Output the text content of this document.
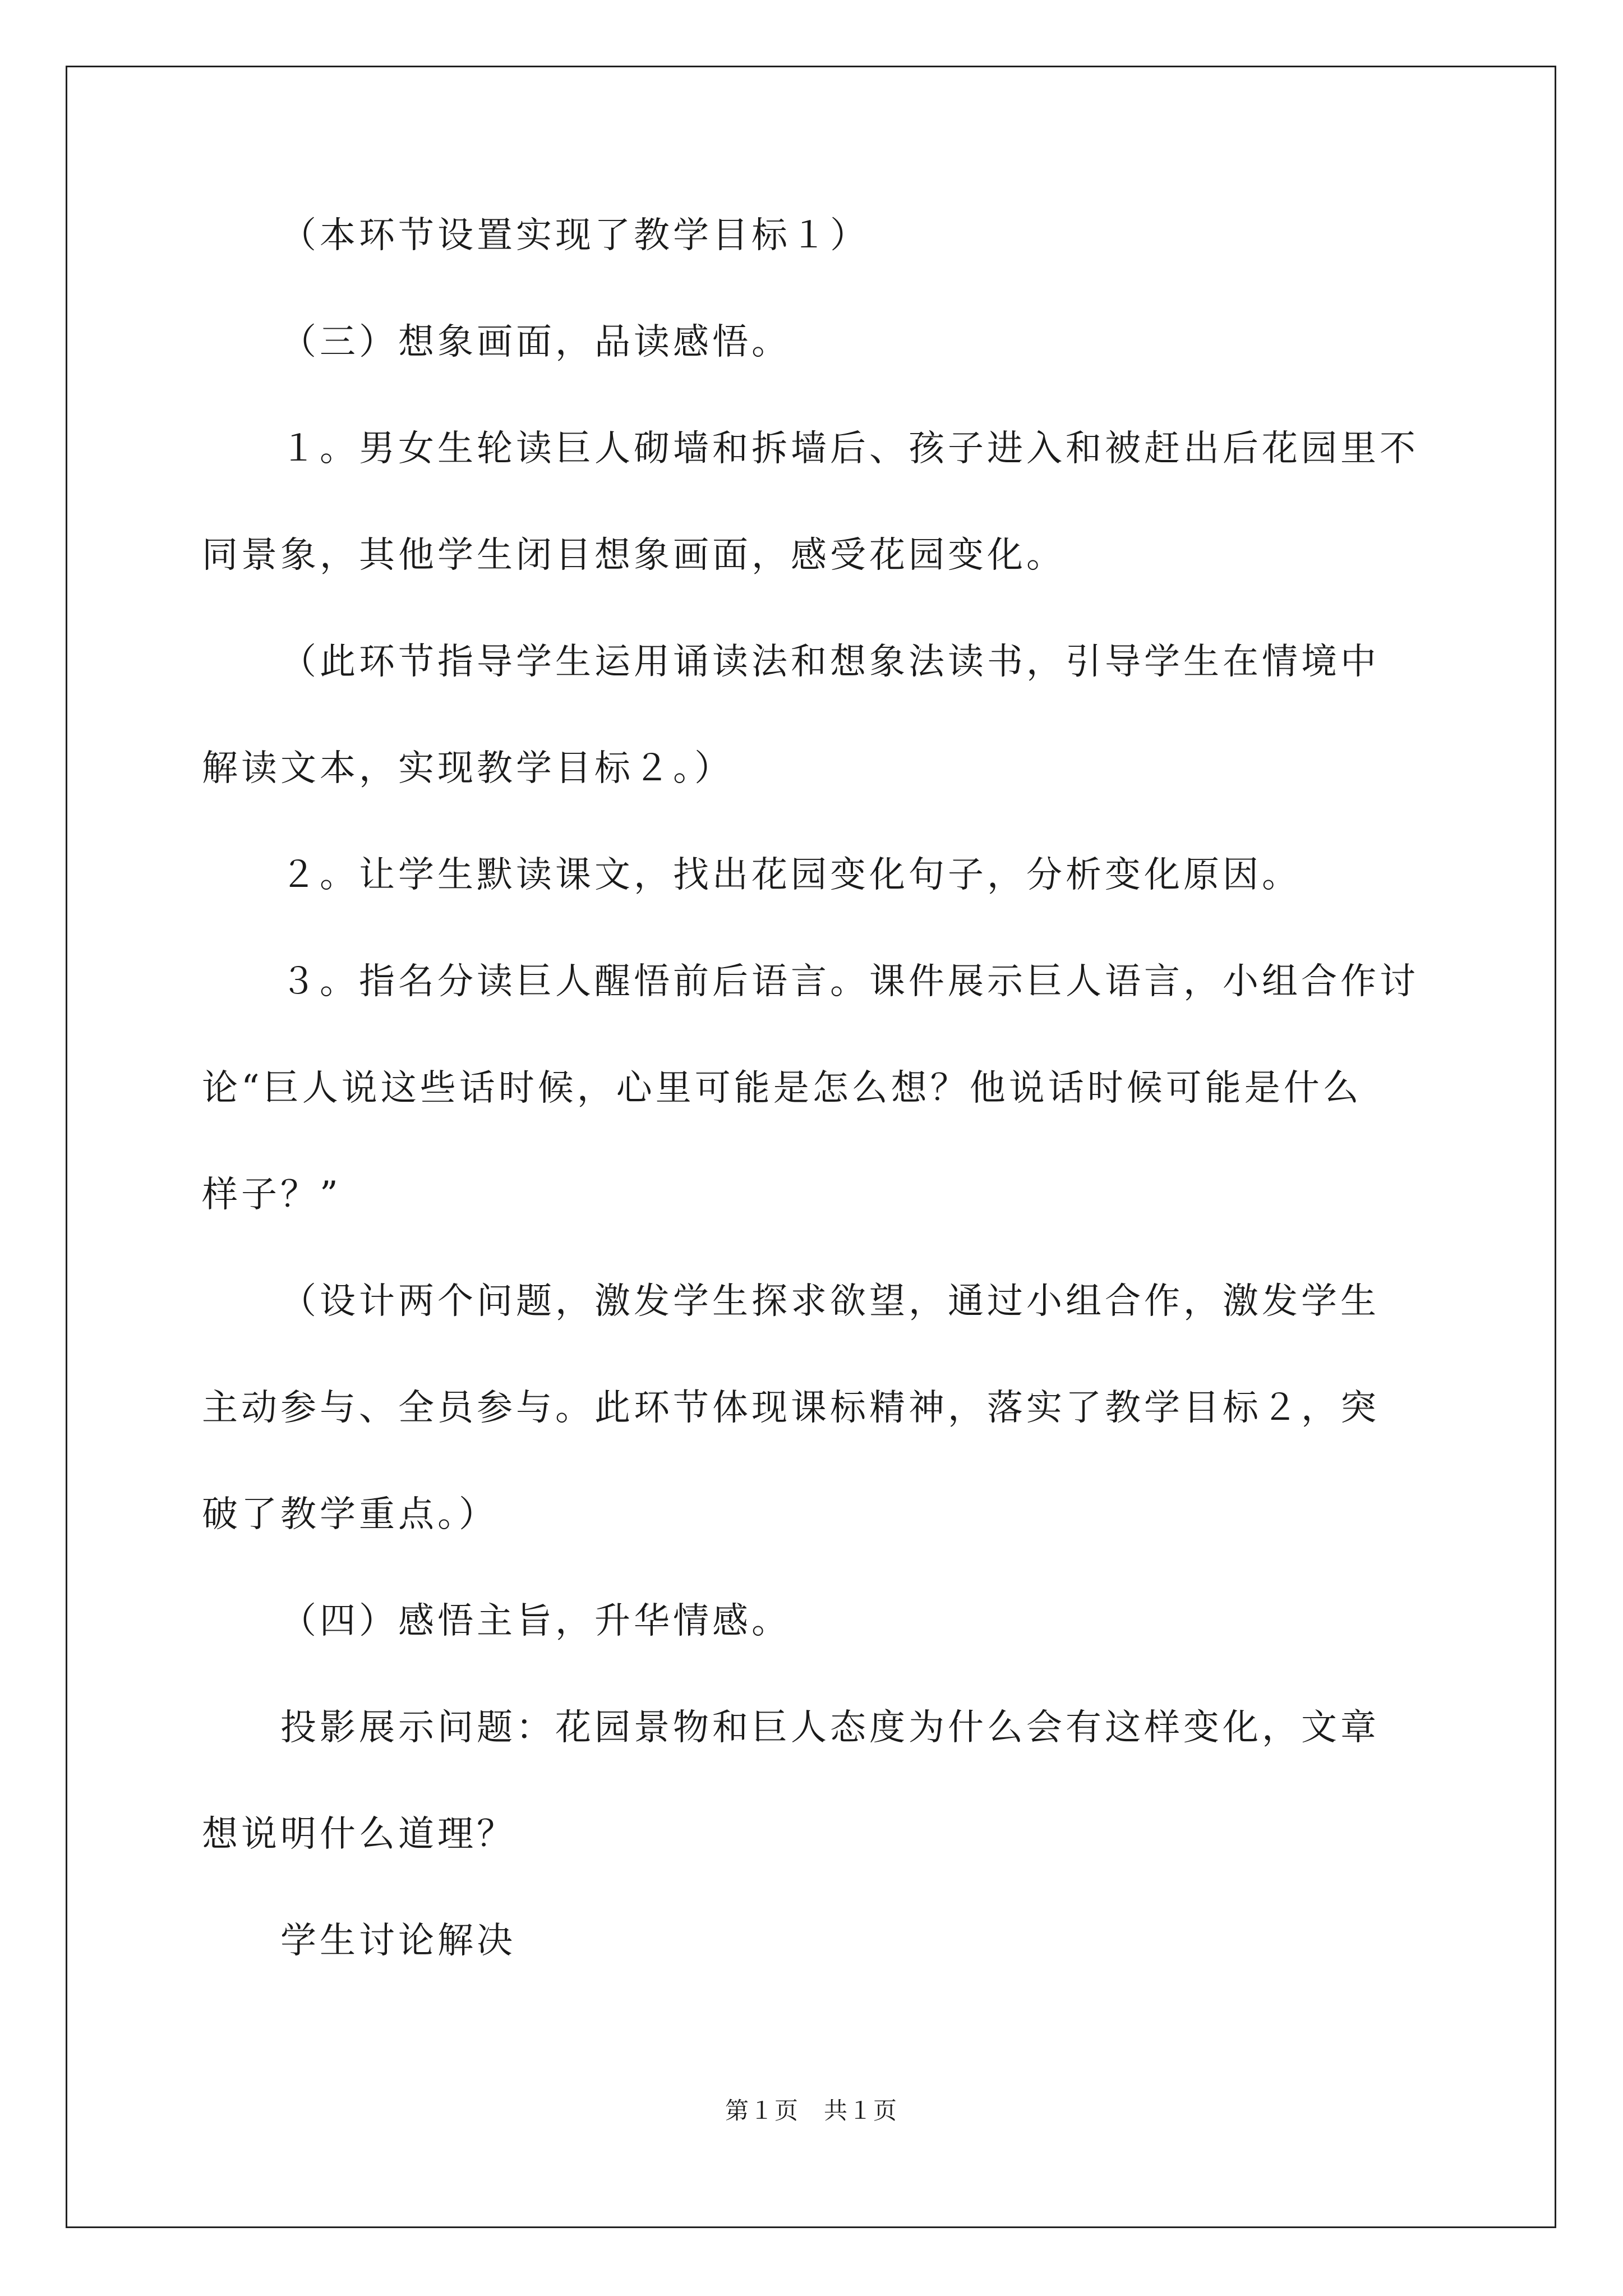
（本环节设置实现了教学目标１）
（三）想象画面，品读感悟。
１。男女生轮读巨人砌墙和拆墙后、孩子进入和被赶出后花园里不
同景象，其他学生闭目想象画面，感受花园变化。
（此环节指导学生运用诵读法和想象法读书，引导学生在情境中
解读文本，实现教学目标２。）
２。让学生默读课文，找出花园变化句子，分析变化原因。
３。指名分读巨人醒悟前后语言。课件展示巨人语言，小组合作讨
论“巨人说这些话时候，心里可能是怎么想？他说话时候可能是什么
样子？”
（设计两个问题，激发学生探求欲望，通过小组合作，激发学生
主动参与、全员参与。此环节体现课标精神，落实了教学目标２，突
破了教学重点。）
（四）感悟主旨，升华情感。
投影展示问题：花园景物和巨人态度为什么会有这样变化，文章
想说明什么道理？
学生讨论解决
第１页　共１页
